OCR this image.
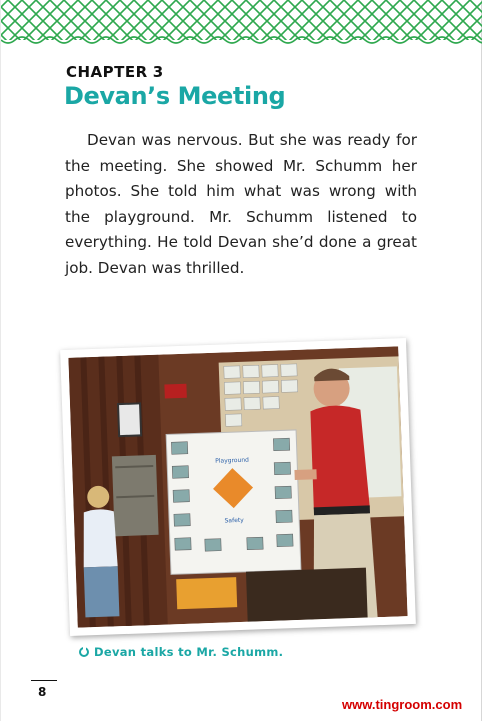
CHAPTER 3
Devan’s Meeting

Devan was nervous. But she was ready for the meeting. She showed Mr. Schumm her photos. She told him what was wrong with the playground. Mr. Schumm listened to everything. He told Devan she’d done a great job. Devan was thrilled.

Playground
Safety
Devan talks to Mr. Schumm.
8
www.tingroom.com
